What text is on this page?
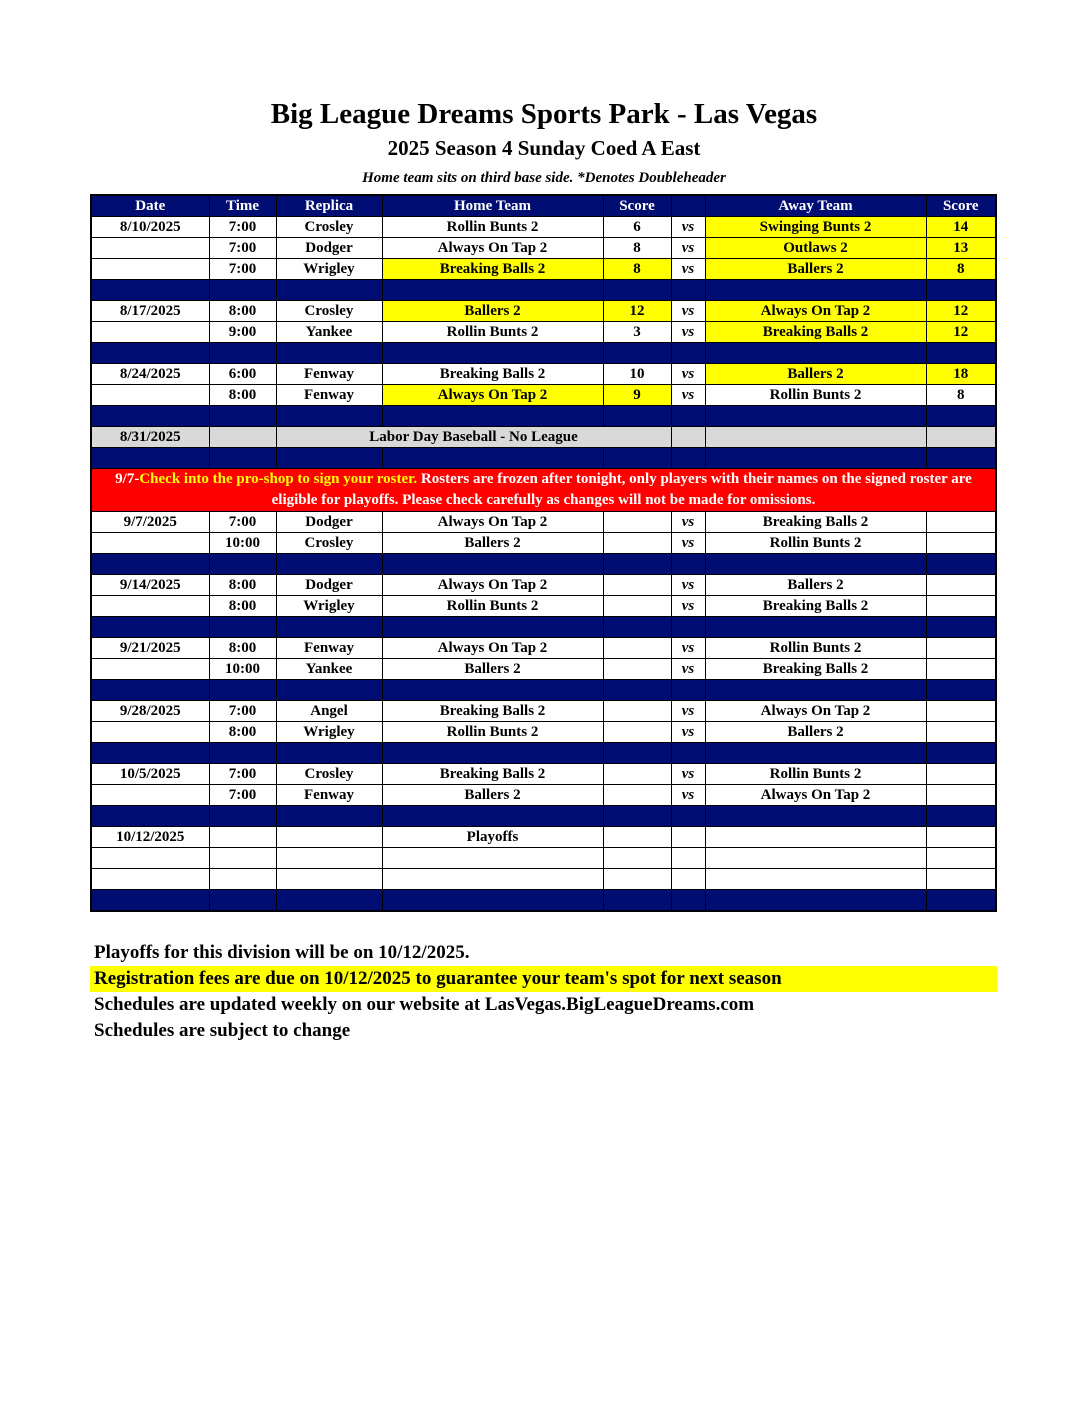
Big League Dreams Sports Park - Las Vegas
2025 Season 4 Sunday Coed A East
Home team sits on third base side. *Denotes Doubleheader
Date	Time	Replica	Home Team	Score		Away Team	Score
8/10/2025	7:00	Crosley	Rollin Bunts 2	6	vs	Swinging Bunts 2	14
	7:00	Dodger	Always On Tap 2	8	vs	Outlaws 2	13
	7:00	Wrigley	Breaking Balls 2	8	vs	Ballers 2	8

8/17/2025	8:00	Crosley	Ballers 2	12	vs	Always On Tap 2	12
	9:00	Yankee	Rollin Bunts 2	3	vs	Breaking Balls 2	12

8/24/2025	6:00	Fenway	Breaking Balls 2	10	vs	Ballers 2	18
	8:00	Fenway	Always On Tap 2	9	vs	Rollin Bunts 2	8

8/31/2025		Labor Day Baseball - No League					

9/7-Check into the pro-shop to sign your roster. Rosters are frozen after tonight, only players with their names on the signed roster are eligible for playoffs. Please check carefully as changes will not be made for omissions.							
9/7/2025	7:00	Dodger	Always On Tap 2		vs	Breaking Balls 2	
	10:00	Crosley	Ballers 2		vs	Rollin Bunts 2	

9/14/2025	8:00	Dodger	Always On Tap 2		vs	Ballers 2	
	8:00	Wrigley	Rollin Bunts 2		vs	Breaking Balls 2	

9/21/2025	8:00	Fenway	Always On Tap 2		vs	Rollin Bunts 2	
	10:00	Yankee	Ballers 2		vs	Breaking Balls 2	

9/28/2025	7:00	Angel	Breaking Balls 2		vs	Always On Tap 2	
	8:00	Wrigley	Rollin Bunts 2		vs	Ballers 2	

10/5/2025	7:00	Crosley	Breaking Balls 2		vs	Rollin Bunts 2	
	7:00	Fenway	Ballers 2		vs	Always On Tap 2	

10/12/2025			Playoffs				

Playoffs for this division will be on 10/12/2025.
Registration fees are due on 10/12/2025 to guarantee your team's spot for next season
Schedules are updated weekly on our website at LasVegas.BigLeagueDreams.com
Schedules are subject to change
